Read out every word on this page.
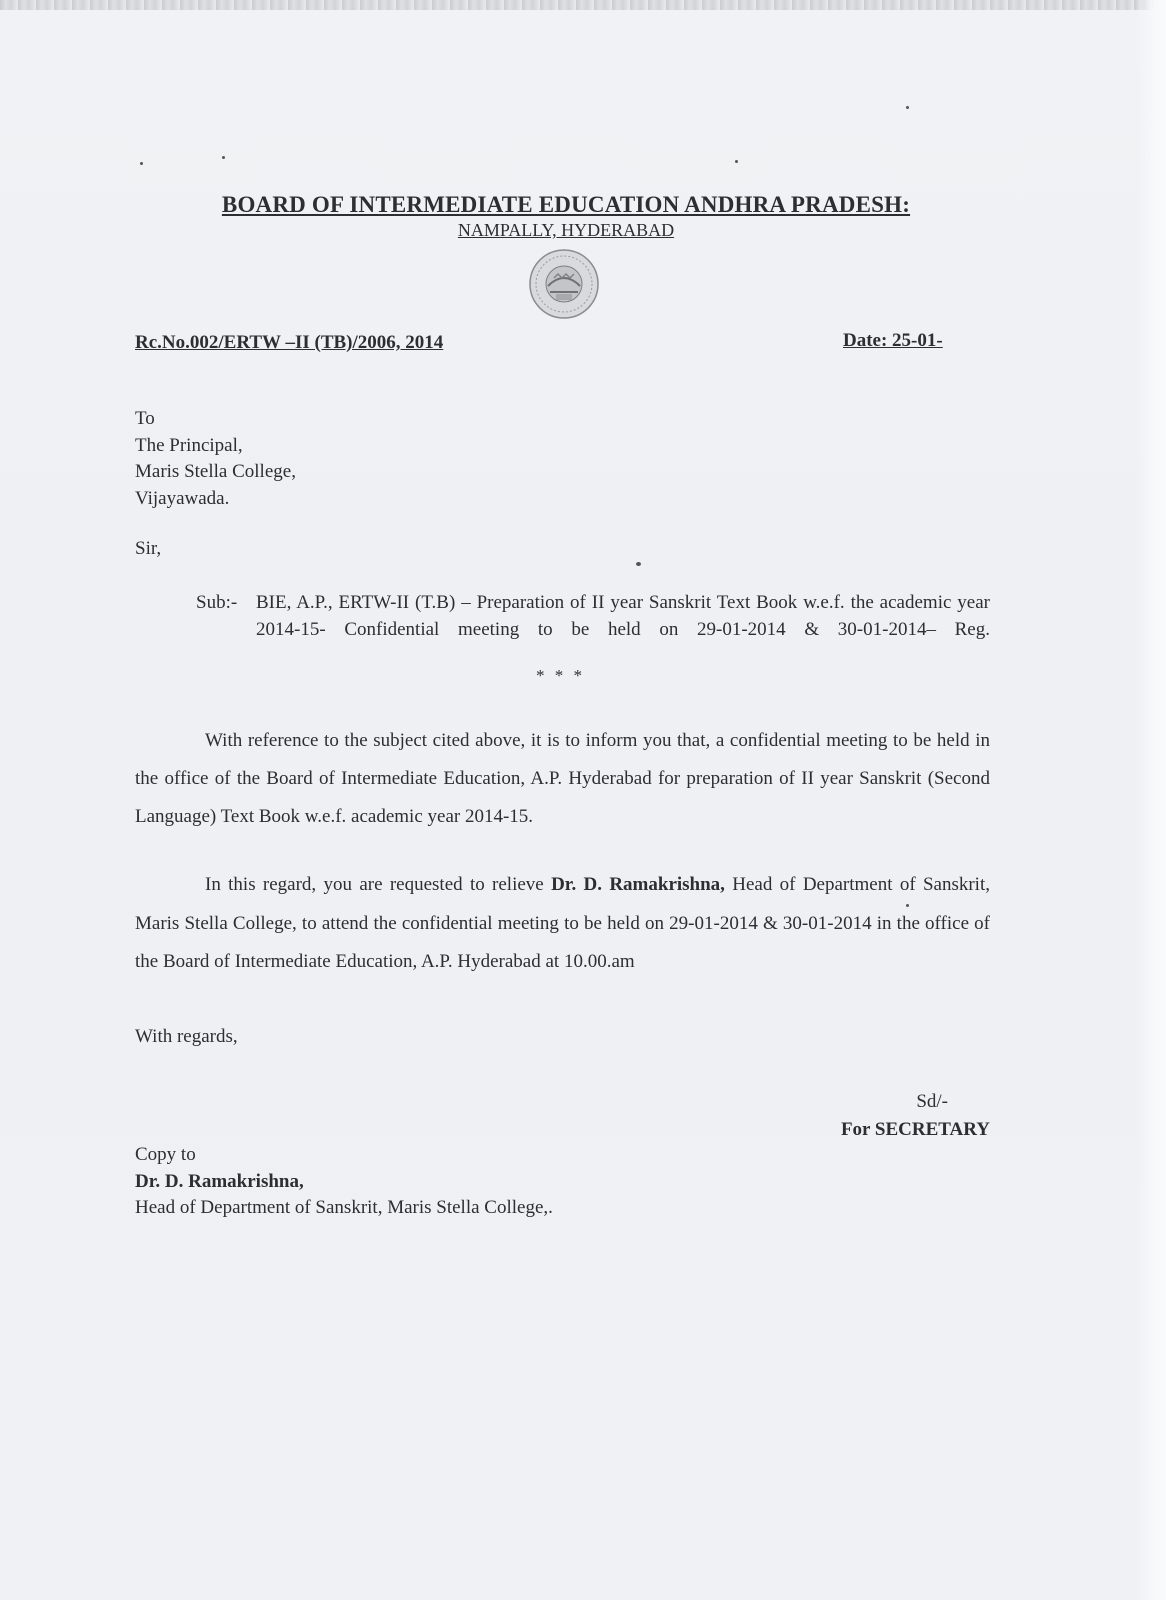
BOARD OF INTERMEDIATE EDUCATION ANDHRA PRADESH:
NAMPALLY, HYDERABAD
Rc.No.002/ERTW –II (TB)/2006, 2014	Date: 25-01-
To
The Principal,
Maris Stella College,
Vijayawada.
Sir,
Sub:- BIE, A.P., ERTW-II (T.B) – Preparation of II year Sanskrit Text Book w.e.f. the academic year 2014-15- Confidential meeting to be held on 29-01-2014 & 30-01-2014– Reg.
* * *
With reference to the subject cited above, it is to inform you that, a confidential meeting to be held in the office of the Board of Intermediate Education, A.P. Hyderabad for preparation of II year Sanskrit (Second Language) Text Book w.e.f. academic year 2014-15.
In this regard, you are requested to relieve Dr. D. Ramakrishna, Head of Department of Sanskrit, Maris Stella College, to attend the confidential meeting to be held on 29-01-2014 & 30-01-2014 in the office of the Board of Intermediate Education, A.P. Hyderabad at 10.00.am
With regards,
Sd/-
For SECRETARY
Copy to
Dr. D. Ramakrishna,
Head of Department of Sanskrit, Maris Stella College,.
